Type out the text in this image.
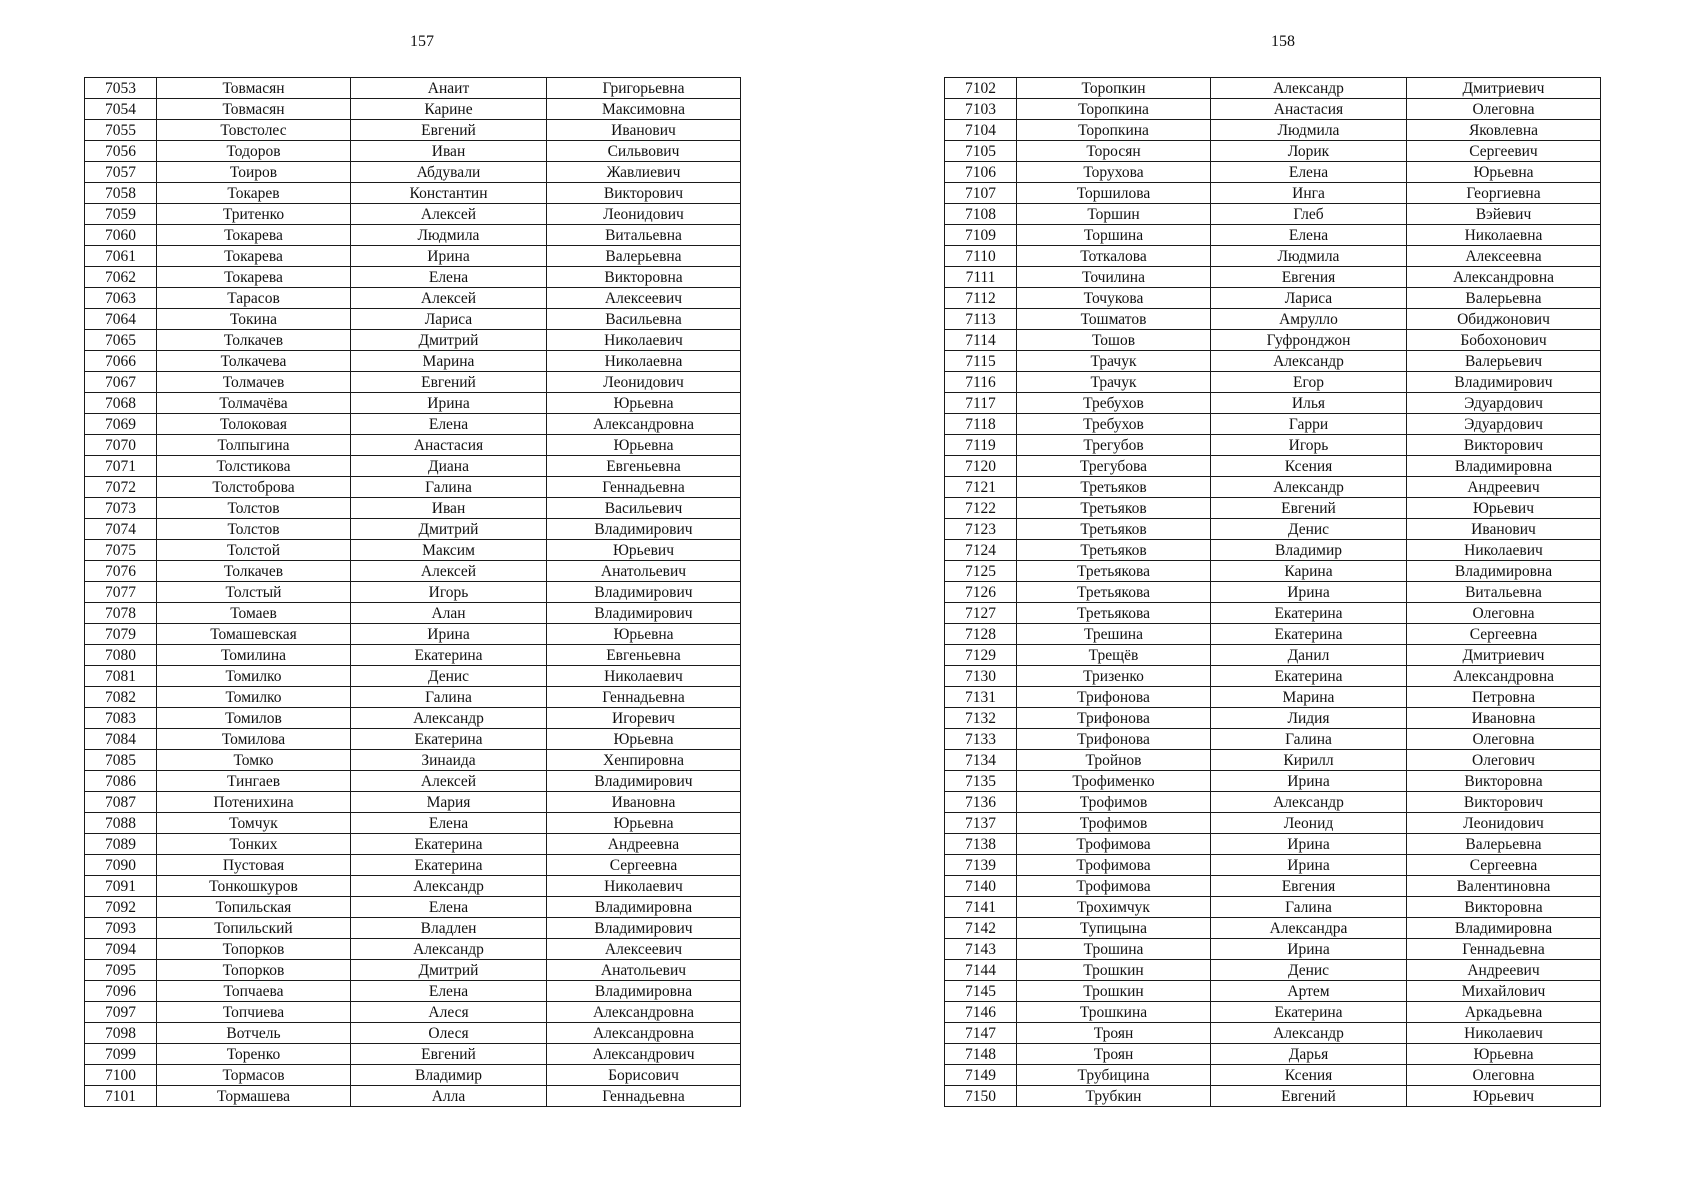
157	158
7053	Товмасян	Анаит	Григорьевна
7054	Товмасян	Карине	Максимовна
7055	Товстолес	Евгений	Иванович
7056	Тодоров	Иван	Сильвович
7057	Тоиров	Абдували	Жавлиевич
7058	Токарев	Константин	Викторович
7059	Тритенко	Алексей	Леонидович
7060	Токарева	Людмила	Витальевна
7061	Токарева	Ирина	Валерьевна
7062	Токарева	Елена	Викторовна
7063	Тарасов	Алексей	Алексеевич
7064	Токина	Лариса	Васильевна
7065	Толкачев	Дмитрий	Николаевич
7066	Толкачева	Марина	Николаевна
7067	Толмачев	Евгений	Леонидович
7068	Толмачёва	Ирина	Юрьевна
7069	Толоковая	Елена	Александровна
7070	Толпыгина	Анастасия	Юрьевна
7071	Толстикова	Диана	Евгеньевна
7072	Толстоброва	Галина	Геннадьевна
7073	Толстов	Иван	Васильевич
7074	Толстов	Дмитрий	Владимирович
7075	Толстой	Максим	Юрьевич
7076	Толкачев	Алексей	Анатольевич
7077	Толстый	Игорь	Владимирович
7078	Томаев	Алан	Владимирович
7079	Томашевская	Ирина	Юрьевна
7080	Томилина	Екатерина	Евгеньевна
7081	Томилко	Денис	Николаевич
7082	Томилко	Галина	Геннадьевна
7083	Томилов	Александр	Игоревич
7084	Томилова	Екатерина	Юрьевна
7085	Томко	Зинаида	Хенпировна
7086	Тингаев	Алексей	Владимирович
7087	Потенихина	Мария	Ивановна
7088	Томчук	Елена	Юрьевна
7089	Тонких	Екатерина	Андреевна
7090	Пустовая	Екатерина	Сергеевна
7091	Тонкошкуров	Александр	Николаевич
7092	Топильская	Елена	Владимировна
7093	Топильский	Владлен	Владимирович
7094	Топорков	Александр	Алексеевич
7095	Топорков	Дмитрий	Анатольевич
7096	Топчаева	Елена	Владимировна
7097	Топчиева	Алеся	Александровна
7098	Вотчель	Олеся	Александровна
7099	Торенко	Евгений	Александрович
7100	Тормасов	Владимир	Борисович
7101	Тормашева	Алла	Геннадьевна
7102	Торопкин	Александр	Дмитриевич
7103	Торопкина	Анастасия	Олеговна
7104	Торопкина	Людмила	Яковлевна
7105	Торосян	Лорик	Сергеевич
7106	Торухова	Елена	Юрьевна
7107	Торшилова	Инга	Георгиевна
7108	Торшин	Глеб	Вэйевич
7109	Торшина	Елена	Николаевна
7110	Тоткалова	Людмила	Алексеевна
7111	Точилина	Евгения	Александровна
7112	Точукова	Лариса	Валерьевна
7113	Тошматов	Амрулло	Обиджонович
7114	Тошов	Гуфронджон	Бобохонович
7115	Трачук	Александр	Валерьевич
7116	Трачук	Егор	Владимирович
7117	Требухов	Илья	Эдуардович
7118	Требухов	Гарри	Эдуардович
7119	Трегубов	Игорь	Викторович
7120	Трегубова	Ксения	Владимировна
7121	Третьяков	Александр	Андреевич
7122	Третьяков	Евгений	Юрьевич
7123	Третьяков	Денис	Иванович
7124	Третьяков	Владимир	Николаевич
7125	Третьякова	Карина	Владимировна
7126	Третьякова	Ирина	Витальевна
7127	Третьякова	Екатерина	Олеговна
7128	Трешина	Екатерина	Сергеевна
7129	Трещёв	Данил	Дмитриевич
7130	Тризенко	Екатерина	Александровна
7131	Трифонова	Марина	Петровна
7132	Трифонова	Лидия	Ивановна
7133	Трифонова	Галина	Олеговна
7134	Тройнов	Кирилл	Олегович
7135	Трофименко	Ирина	Викторовна
7136	Трофимов	Александр	Викторович
7137	Трофимов	Леонид	Леонидович
7138	Трофимова	Ирина	Валерьевна
7139	Трофимова	Ирина	Сергеевна
7140	Трофимова	Евгения	Валентиновна
7141	Трохимчук	Галина	Викторовна
7142	Тупицына	Александра	Владимировна
7143	Трошина	Ирина	Геннадьевна
7144	Трошкин	Денис	Андреевич
7145	Трошкин	Артем	Михайлович
7146	Трошкина	Екатерина	Аркадьевна
7147	Троян	Александр	Николаевич
7148	Троян	Дарья	Юрьевна
7149	Трубицина	Ксения	Олеговна
7150	Трубкин	Евгений	Юрьевич
